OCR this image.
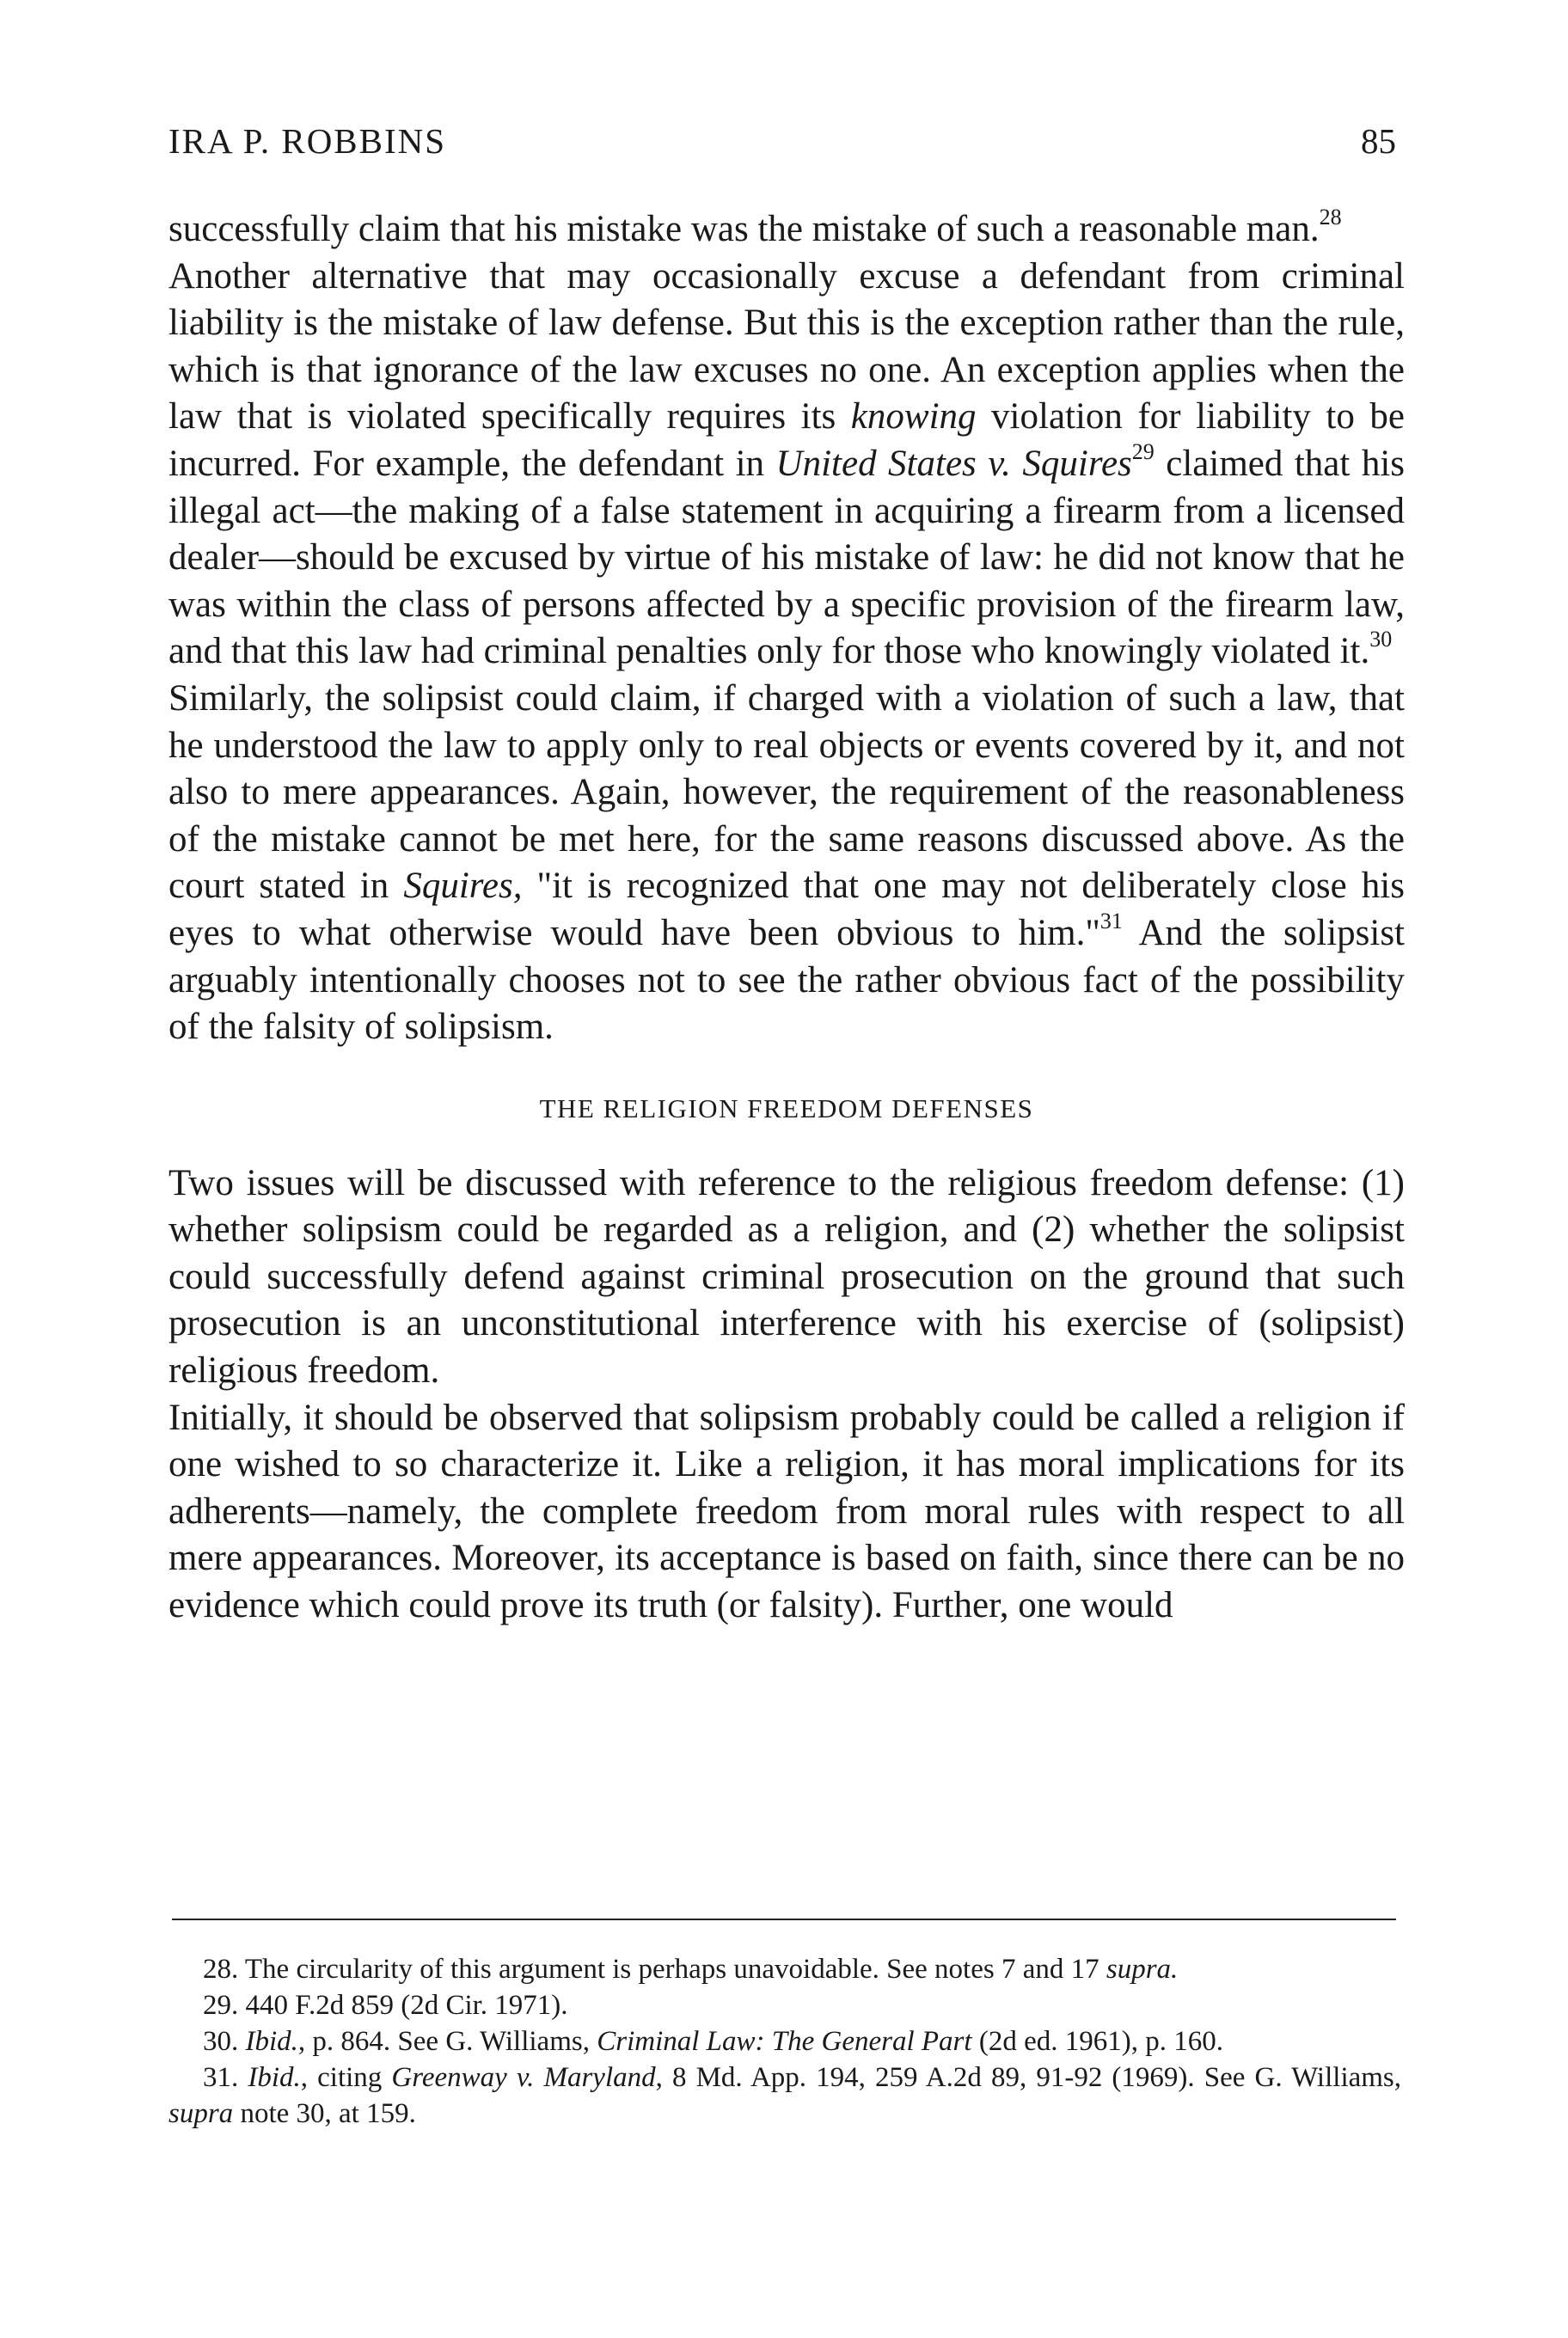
IRA P. ROBBINS	85

successfully claim that his mistake was the mistake of such a reasonable man.$^{28}$

Another alternative that may occasionally excuse a defendant from criminal liability is the mistake of law defense. But this is the exception rather than the rule, which is that ignorance of the law excuses no one. An exception applies when the law that is violated specifically requires its knowing violation for liability to be incurred. For example, the defendant in United States v. Squires$^{29}$ claimed that his illegal act—the making of a false statement in acquiring a firearm from a licensed dealer—should be excused by virtue of his mistake of law: he did not know that he was within the class of persons affected by a specific provision of the firearm law, and that this law had criminal penalties only for those who knowingly violated it.$^{30}$

Similarly, the solipsist could claim, if charged with a violation of such a law, that he understood the law to apply only to real objects or events covered by it, and not also to mere appearances. Again, however, the requirement of the reasonableness of the mistake cannot be met here, for the same reasons discussed above. As the court stated in Squires, "it is recognized that one may not deliberately close his eyes to what otherwise would have been obvious to him."$^{31}$ And the solipsist arguably intentionally chooses not to see the rather obvious fact of the possibility of the falsity of solipsism.

THE RELIGION FREEDOM DEFENSES

Two issues will be discussed with reference to the religious freedom defense: (1) whether solipsism could be regarded as a religion, and (2) whether the solipsist could successfully defend against criminal prosecution on the ground that such prosecution is an unconstitutional interference with his exercise of (solipsist) religious freedom.

Initially, it should be observed that solipsism probably could be called a religion if one wished to so characterize it. Like a religion, it has moral implications for its adherents—namely, the complete freedom from moral rules with respect to all mere appearances. Moreover, its acceptance is based on faith, since there can be no evidence which could prove its truth (or falsity). Further, one would

28. The circularity of this argument is perhaps unavoidable. See notes 7 and 17 supra.

29. 440 F.2d 859 (2d Cir. 1971).

30. Ibid., p. 864. See G. Williams, Criminal Law: The General Part (2d ed. 1961), p. 160.

31. Ibid., citing Greenway v. Maryland, 8 Md. App. 194, 259 A.2d 89, 91-92 (1969). See G. Williams, supra note 30, at 159.
